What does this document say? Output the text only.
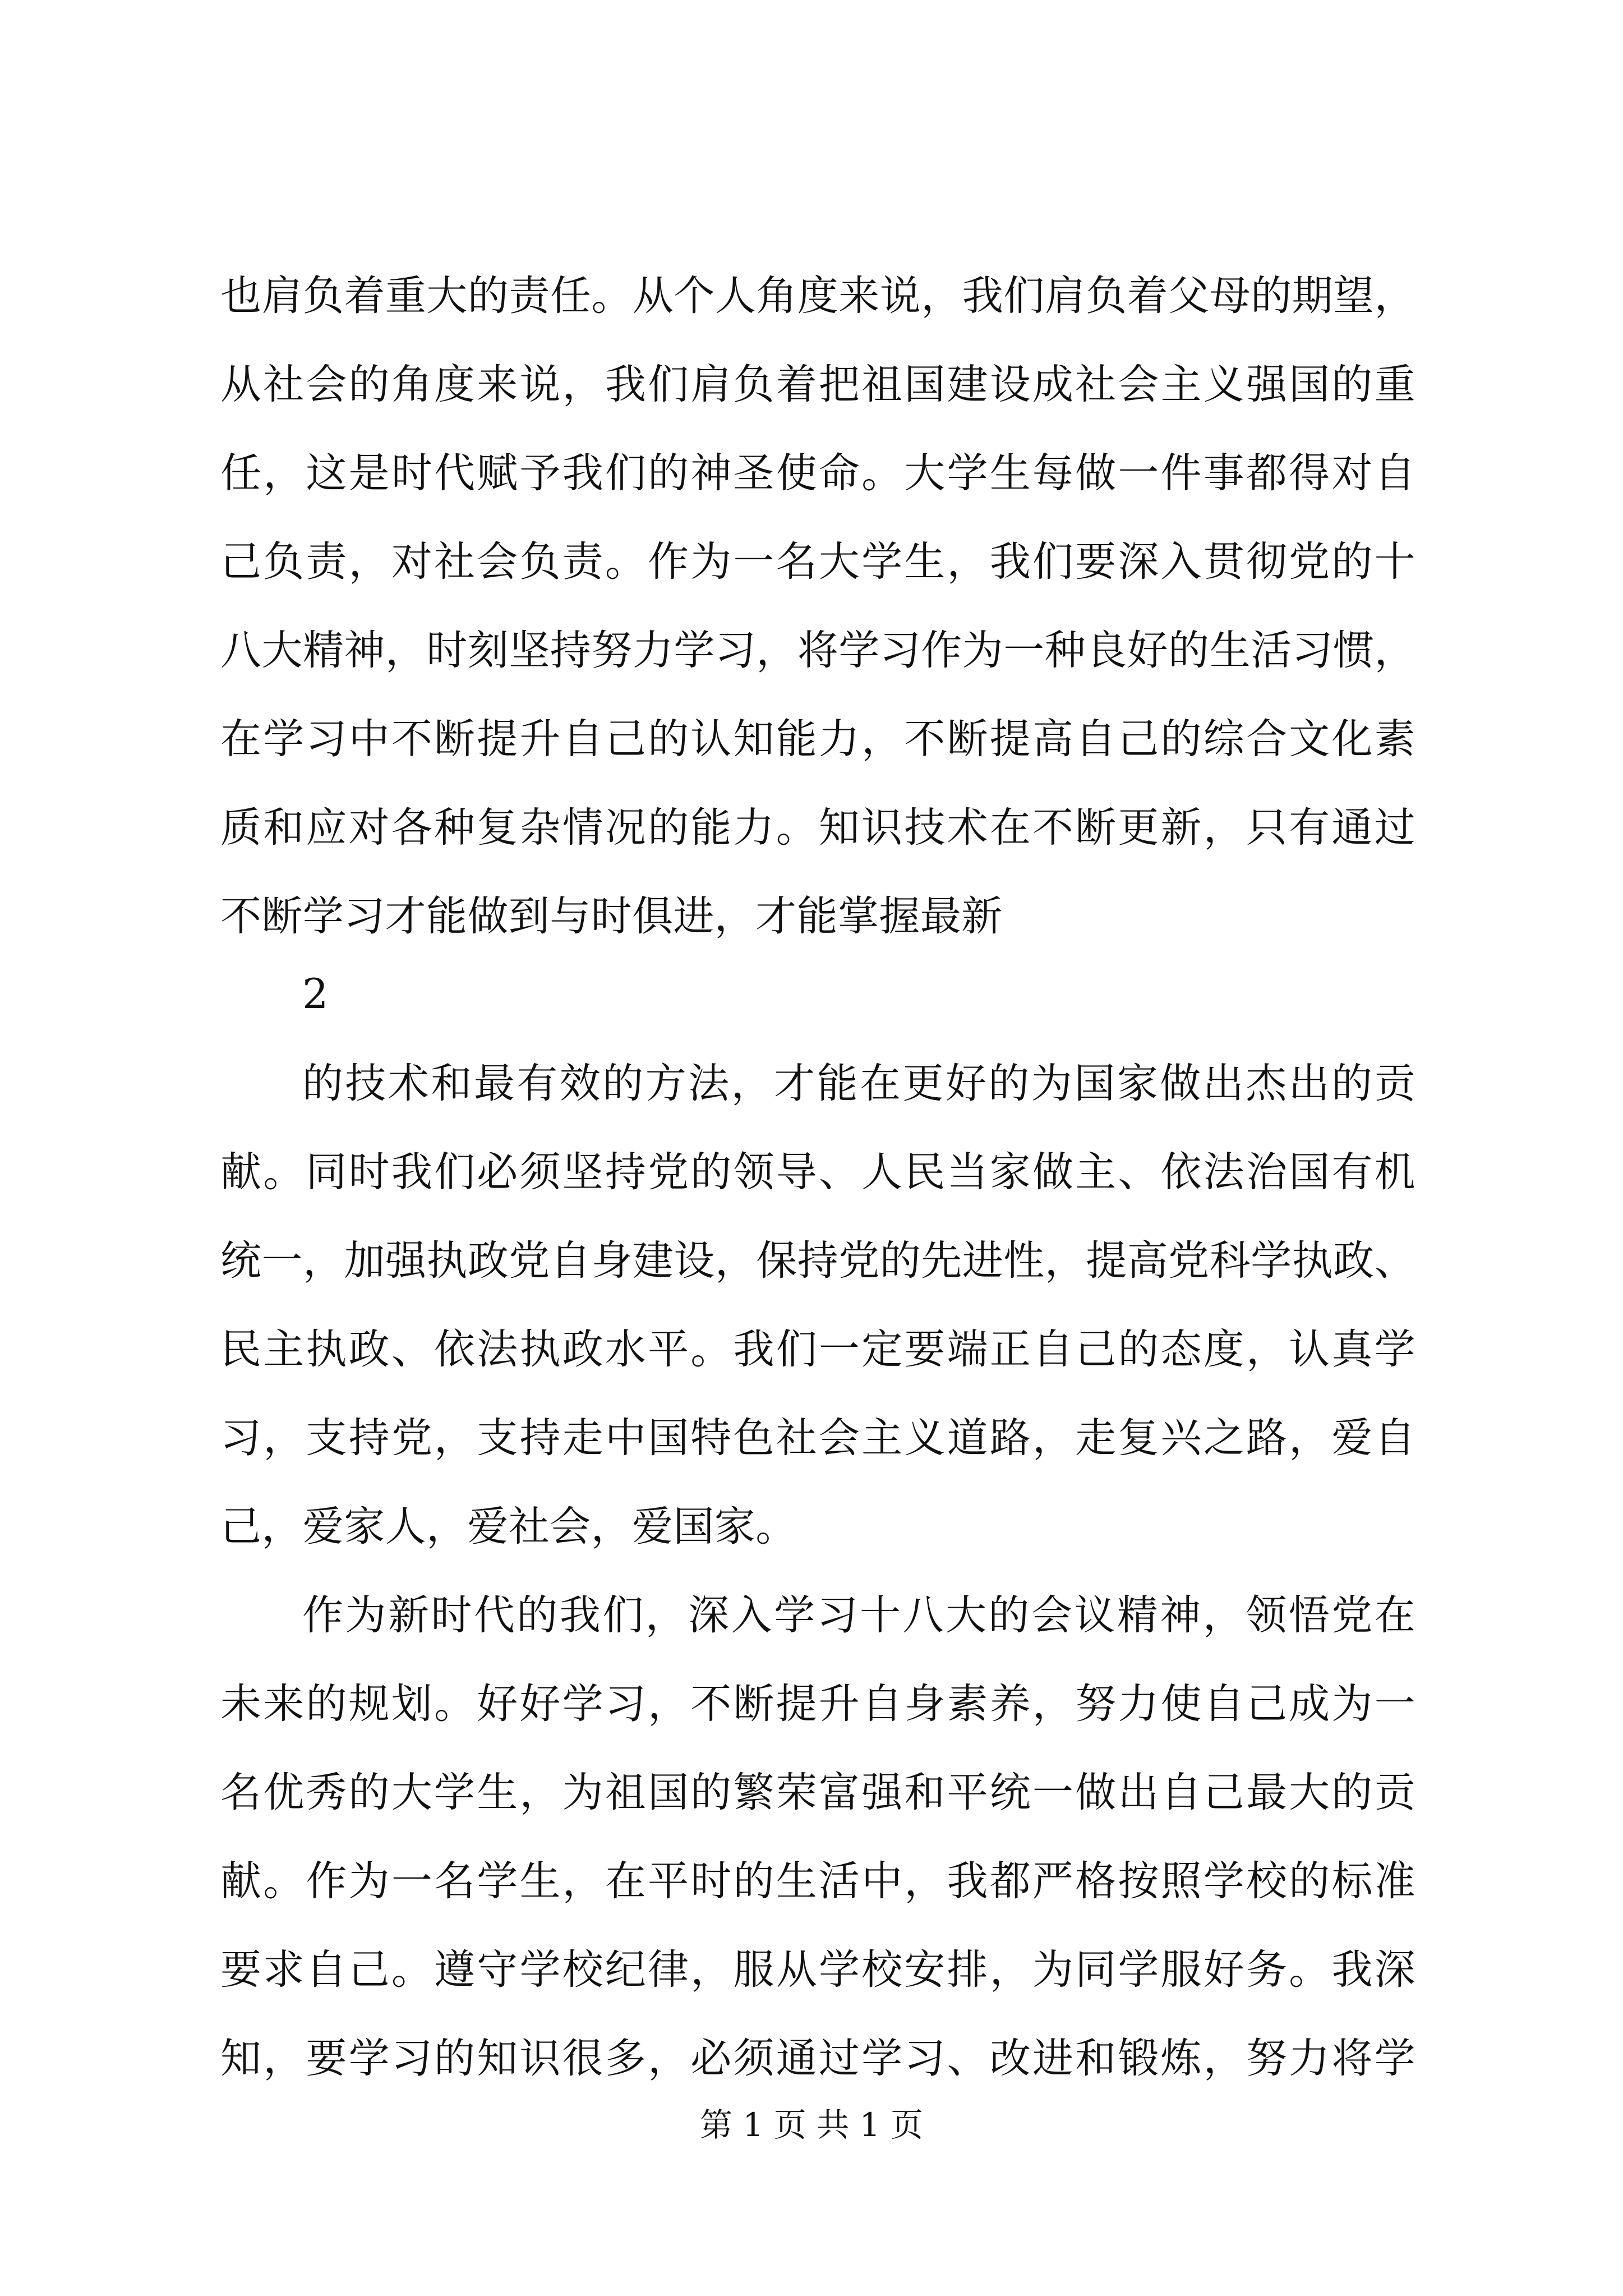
也肩负着重大的责任。从个人角度来说，我们肩负着父母的期望，
从社会的角度来说，我们肩负着把祖国建设成社会主义强国的重
任，这是时代赋予我们的神圣使命。大学生每做一件事都得对自
己负责，对社会负责。作为一名大学生，我们要深入贯彻党的十
八大精神，时刻坚持努力学习，将学习作为一种良好的生活习惯，
在学习中不断提升自己的认知能力，不断提高自己的综合文化素
质和应对各种复杂情况的能力。知识技术在不断更新，只有通过
不断学习才能做到与时俱进，才能掌握最新
2
的技术和最有效的方法，才能在更好的为国家做出杰出的贡
献。同时我们必须坚持党的领导、人民当家做主、依法治国有机
统一，加强执政党自身建设，保持党的先进性，提高党科学执政、
民主执政、依法执政水平。我们一定要端正自己的态度，认真学
习，支持党，支持走中国特色社会主义道路，走复兴之路，爱自
己，爱家人，爱社会，爱国家。
作为新时代的我们，深入学习十八大的会议精神，领悟党在
未来的规划。好好学习，不断提升自身素养，努力使自己成为一
名优秀的大学生，为祖国的繁荣富强和平统一做出自己最大的贡
献。作为一名学生，在平时的生活中，我都严格按照学校的标准
要求自己。遵守学校纪律，服从学校安排，为同学服好务。我深
知，要学习的知识很多，必须通过学习、改进和锻炼，努力将学
第 1 页 共 1 页
